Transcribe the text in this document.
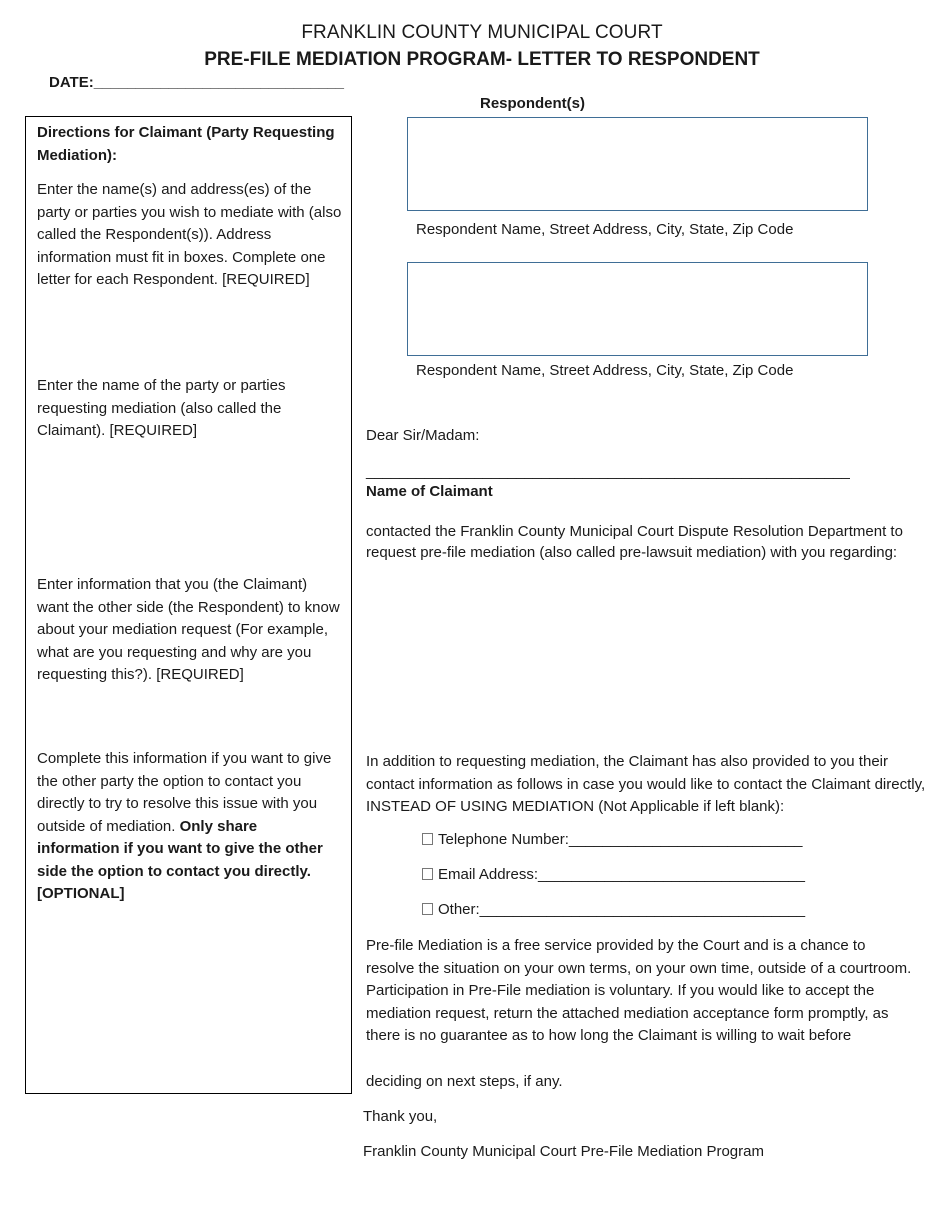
FRANKLIN COUNTY MUNICIPAL COURT
PRE-FILE MEDIATION PROGRAM- LETTER TO RESPONDENT
DATE:______________________________
Respondent(s)
Respondent Name, Street Address, City, State, Zip Code
Respondent Name, Street Address, City, State, Zip Code
Directions for Claimant (Party Requesting Mediation):
Enter the name(s) and address(es) of the party or parties you wish to mediate with (also called the Respondent(s)). Address information must fit in boxes. Complete one letter for each Respondent. [REQUIRED]
Enter the name of the party or parties requesting mediation (also called the Claimant). [REQUIRED]
Enter information that you (the Claimant) want the other side (the Respondent) to know about your mediation request (For example, what are you requesting and why are you requesting this?). [REQUIRED]
Complete this information if you want to give the other party the option to contact you directly to try to resolve this issue with you outside of mediation. Only share information if you want to give the other side the option to contact you directly. [OPTIONAL]
Dear Sir/Madam:
__________________________________________________________
Name of Claimant
contacted the Franklin County Municipal Court Dispute Resolution Department to request pre-file mediation (also called pre-lawsuit mediation) with you regarding:
In addition to requesting mediation, the Claimant has also provided to you their contact information as follows in case you would like to contact the Claimant directly, INSTEAD OF USING MEDIATION (Not Applicable if left blank):
Telephone Number:____________________________
Email Address:________________________________
Other:_______________________________________
Pre-file Mediation is a free service provided by the Court and is a chance to resolve the situation on your own terms, on your own time, outside of a courtroom. Participation in Pre-File mediation is voluntary. If you would like to accept the mediation request, return the attached mediation acceptance form promptly, as there is no guarantee as to how long the Claimant is willing to wait before
deciding on next steps, if any.
Thank you,
Franklin County Municipal Court Pre-File Mediation Program
